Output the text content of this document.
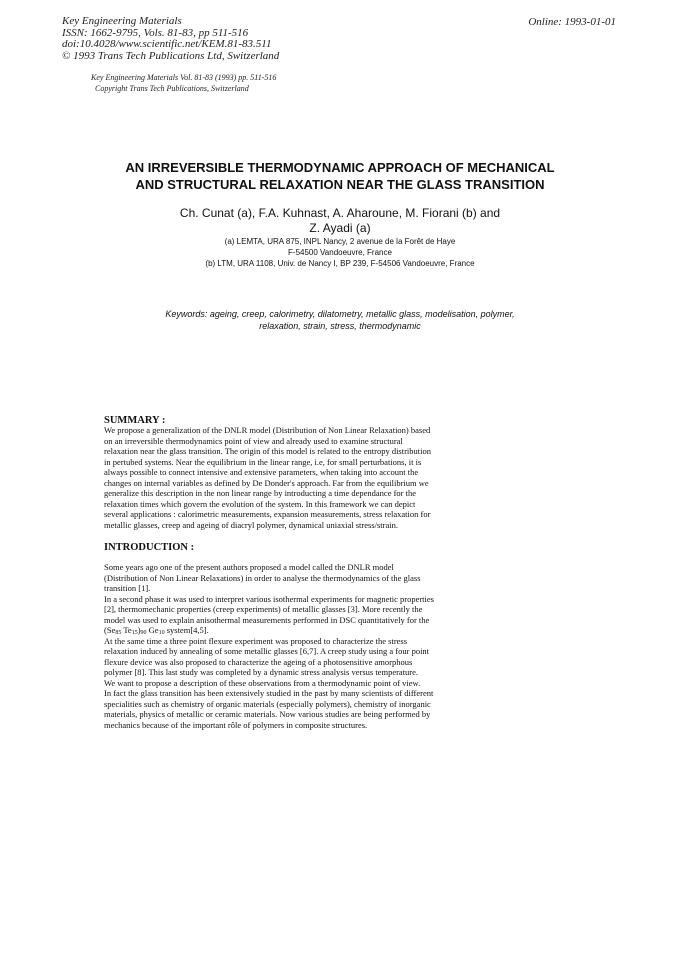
Key Engineering Materials
ISSN: 1662-9795, Vols. 81-83, pp 511-516
doi:10.4028/www.scientific.net/KEM.81-83.511
© 1993 Trans Tech Publications Ltd, Switzerland
Online: 1993-01-01
Key Engineering Materials Vol. 81-83 (1993) pp. 511-516
Copyright Trans Tech Publications, Switzerland
AN IRREVERSIBLE THERMODYNAMIC APPROACH OF MECHANICAL
AND STRUCTURAL RELAXATION NEAR THE GLASS TRANSITION
Ch. Cunat (a), F.A. Kuhnast, A. Aharoune, M. Fiorani (b) and
Z. Ayadi (a)
(a) LEMTA, URA 875, INPL Nancy, 2 avenue de la Forêt de Haye
F-54500 Vandoeuvre, France
(b) LTM, URA 1108, Univ. de Nancy I, BP 239, F-54506 Vandoeuvre, France
Keywords: ageing, creep, calorimetry, dilatometry, metallic glass, modelisation, polymer,
relaxation, strain, stress, thermodynamic
SUMMARY :
We propose a generalization of the DNLR model (Distribution of Non Linear Relaxation) based
on an irreversible thermodynamics point of view and already used to examine structural
relaxation near the glass transition. The origin of this model is related to the entropy distribution
in pertubed systems. Near the equilibrium in the linear range, i.e, for small perturbations, it is
always possible to connect intensive and extensive parameters, when taking into account the
changes on internal variables as defined by De Donder's approach. Far from the equilibrium we
generalize this description in the non linear range by introducting a time dependance for the
relaxation times which govern the evolution of the system. In this framework we can depict
several applications : calorimetric measurements, expansion measurements, stress relaxation for
metallic glasses, creep and ageing of diacryl polymer, dynamical uniaxial stress/strain.
INTRODUCTION :
Some years ago one of the present authors proposed a model called the DNLR model
(Distribution of Non Linear Relaxations) in order to analyse the thermodynamics of the glass
transition [1].
In a second phase it was used to interpret various isothermal experiments for magnetic properties
[2], thermomechanic properties (creep experiments) of metallic glasses [3]. More recently the
model was used to explain anisothermal measurements performed in DSC quantitatively for the
($Se_{85}$ $Te_{15})_{90}$ $Ge_{10}$ system[4,5].
At the same time a three point flexure experiment was proposed to characterize the stress
relaxation induced by annealing of some metallic glasses [6,7]. A creep study using a four point
flexure device was also proposed to characterize the ageing of a photosensitive amorphous
polymer [8]. This last study was completed by a dynamic stress analysis versus temperature.
We want to propose a description of these observations from a thermodynamic point of view.
In fact the glass transition has been extensively studied in the past by many scientists of different
specialities such as chemistry of organic materials (especially polymers), chemistry of inorganic
materials, physics of metallic or ceramic materials. Now various studies are being performed by
mechanics because of the important rôle of polymers in composite structures.
